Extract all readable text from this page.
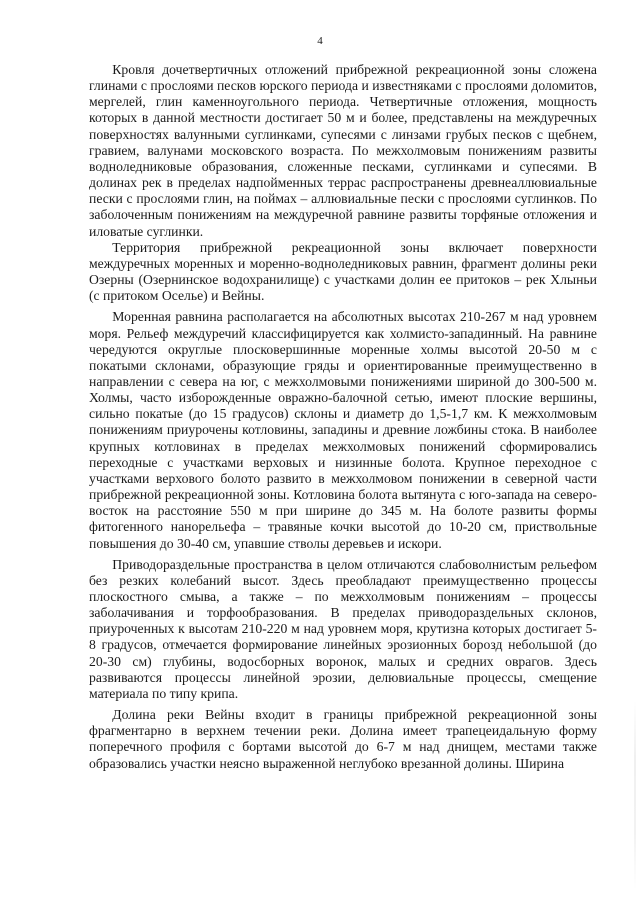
4

Кровля дочетвертичных отложений прибрежной рекреационной зоны сложена глинами с прослоями песков юрского периода и известняками с прослоями доломитов, мергелей, глин каменноугольного периода. Четвертичные отложения, мощность которых в данной местности достигает 50 м и более, представлены на междуречных поверхностях валунными суглинками, супесями с линзами грубых песков с щебнем, гравием, валунами московского возраста. По межхолмовым понижениям развиты водноледниковые образования, сложенные песками, суглинками и супесями. В долинах рек в пределах надпойменных террас распространены древнеаллювиальные пески с прослоями глин, на поймах – аллювиальные пески с прослоями суглинков. По заболоченным понижениям на междуречной равнине развиты торфяные отложения и иловатые суглинки.

Территория прибрежной рекреационной зоны включает поверхности междуречных моренных и моренно-водноледниковых равнин, фрагмент долины реки Озерны (Озернинское водохранилище) с участками долин ее притоков – рек Хлыньи (с притоком Оселье) и Вейны.

Моренная равнина располагается на абсолютных высотах 210-267 м над уровнем моря. Рельеф междуречий классифицируется как холмисто-западинный. На равнине чередуются округлые плосковершинные моренные холмы высотой 20-50 м с покатыми склонами, образующие гряды и ориентированные преимущественно в направлении с севера на юг, с межхолмовыми понижениями шириной до 300-500 м. Холмы, часто изборожденные овражно-балочной сетью, имеют плоские вершины, сильно покатые (до 15 градусов) склоны и диаметр до 1,5-1,7 км. К межхолмовым понижениям приурочены котловины, западины и древние ложбины стока. В наиболее крупных котловинах в пределах межхолмовых понижений сформировались переходные с участками верховых и низинные болота. Крупное переходное с участками верхового болото развито в межхолмовом понижении в северной части прибрежной рекреационной зоны. Котловина болота вытянута с юго-запада на северо-восток на расстояние 550 м при ширине до 345 м. На болоте развиты формы фитогенного нанорельефа – травяные кочки высотой до 10-20 см, приствольные повышения до 30-40 см, упавшие стволы деревьев и искори.

Приводораздельные пространства в целом отличаются слабоволнистым рельефом без резких колебаний высот. Здесь преобладают преимущественно процессы плоскостного смыва, а также – по межхолмовым понижениям – процессы заболачивания и торфообразования. В пределах приводораздельных склонов, приуроченных к высотам 210-220 м над уровнем моря, крутизна которых достигает 5-8 градусов, отмечается формирование линейных эрозионных борозд небольшой (до 20-30 см) глубины, водосборных воронок, малых и средних оврагов. Здесь развиваются процессы линейной эрозии, делювиальные процессы, смещение материала по типу крипа.

Долина реки Вейны входит в границы прибрежной рекреационной зоны фрагментарно в верхнем течении реки. Долина имеет трапецеидальную форму поперечного профиля с бортами высотой до 6-7 м над днищем, местами также образовались участки неясно выраженной неглубоко врезанной долины. Ширина
